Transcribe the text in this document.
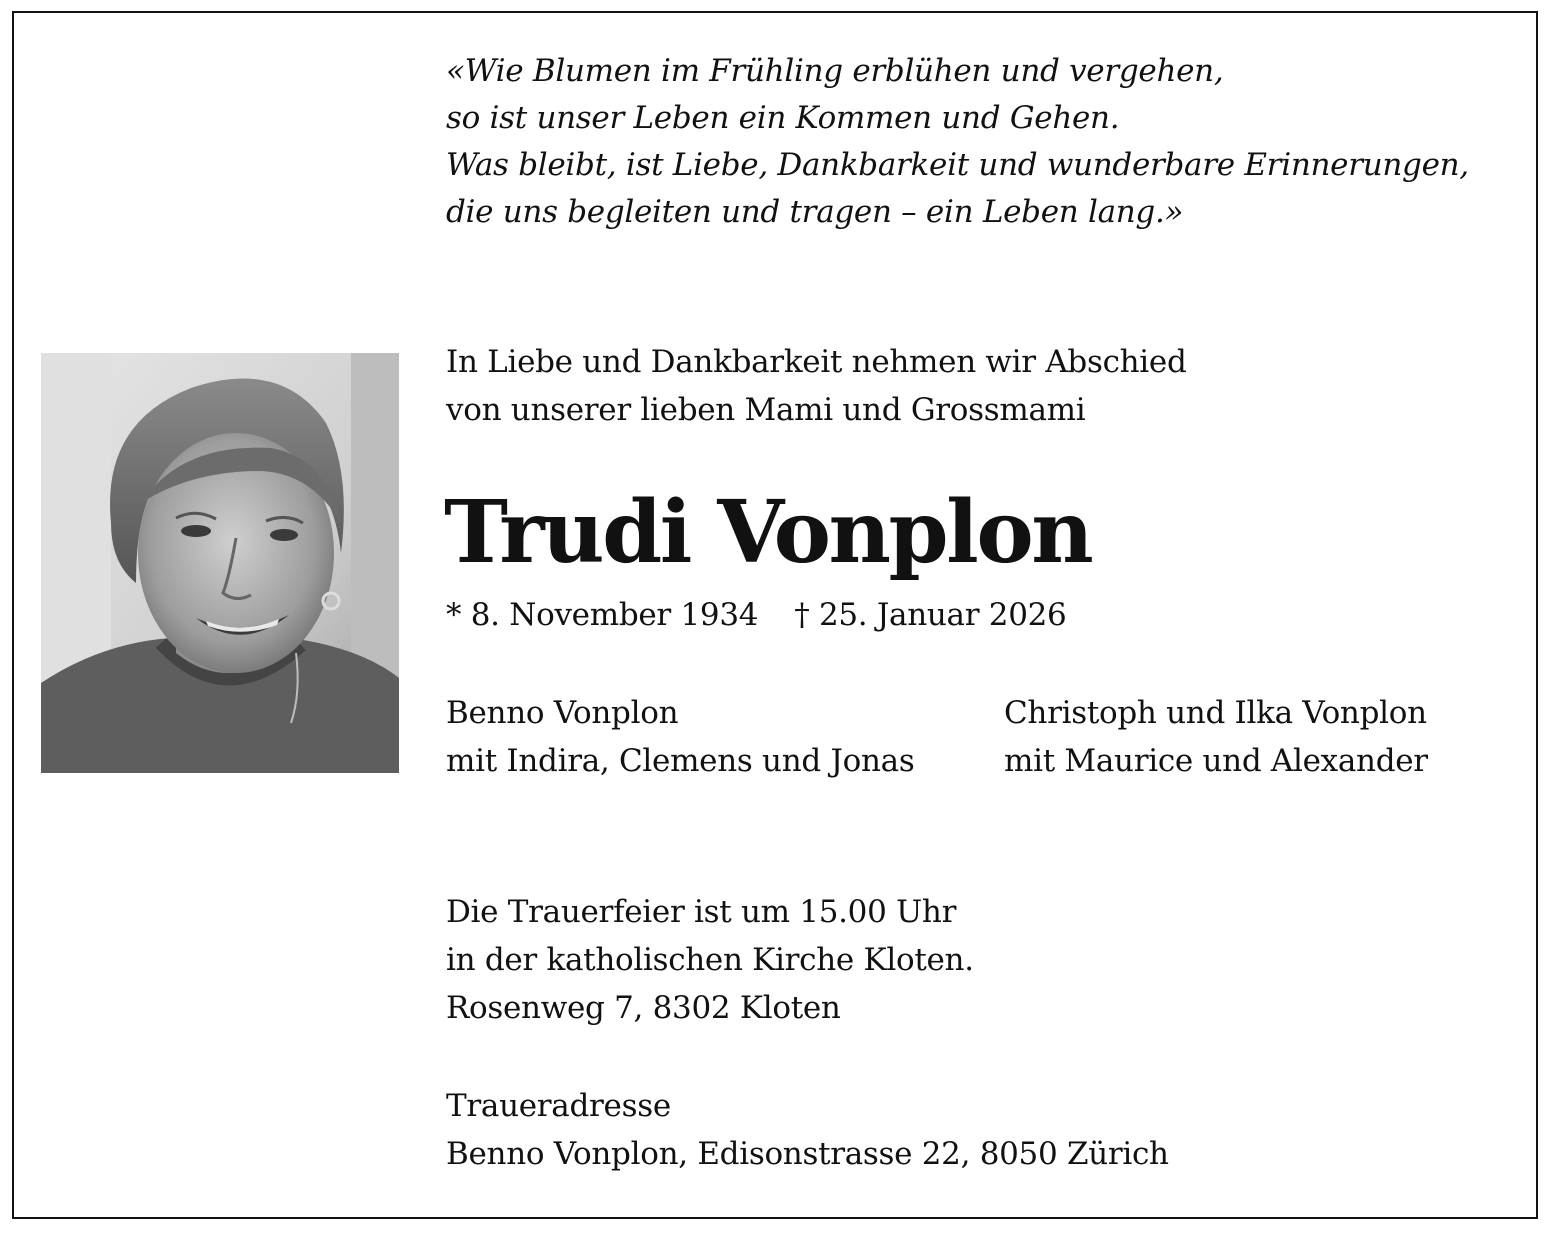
«Wie Blumen im Frühling erblühen und vergehen,
so ist unser Leben ein Kommen und Gehen.
Was bleibt, ist Liebe, Dankbarkeit und wunderbare Erinnerungen,
die uns begleiten und tragen – ein Leben lang.»
In Liebe und Dankbarkeit nehmen wir Abschied
von unserer lieben Mami und Grossmami
Trudi Vonplon
* 8. November 1934 † 25. Januar 2026
Benno Vonplon
mit Indira, Clemens und Jonas
Christoph und Ilka Vonplon
mit Maurice und Alexander
Die Trauerfeier ist um 15.00 Uhr
in der katholischen Kirche Kloten.
Rosenweg 7, 8302 Kloten
Traueradresse
Benno Vonplon, Edisonstrasse 22, 8050 Zürich
